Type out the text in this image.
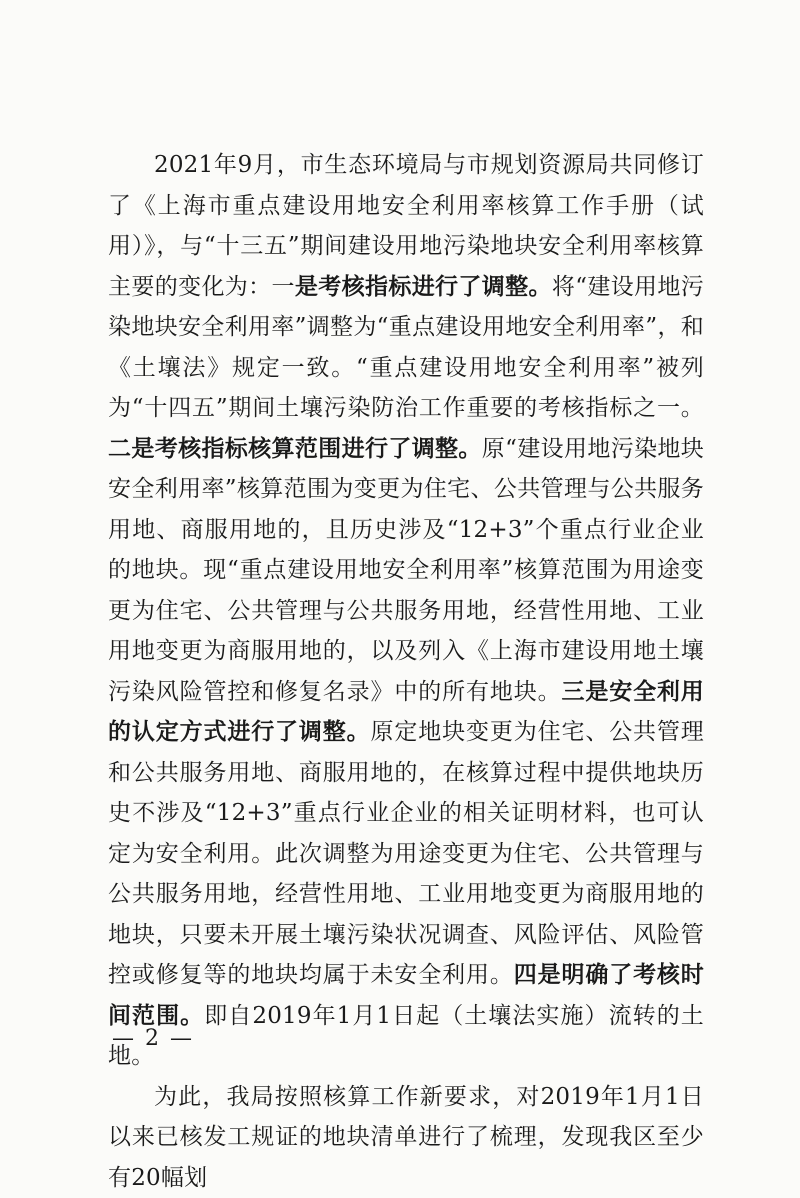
2021年9月，市生态环境局与市规划资源局共同修订了《上海市重点建设用地安全利用率核算工作手册（试用）》，与“十三五”期间建设用地污染地块安全利用率核算主要的变化为：一是考核指标进行了调整。将“建设用地污染地块安全利用率”调整为“重点建设用地安全利用率”，和《土壤法》规定一致。“重点建设用地安全利用率”被列为“十四五”期间土壤污染防治工作重要的考核指标之一。二是考核指标核算范围进行了调整。原“建设用地污染地块安全利用率”核算范围为变更为住宅、公共管理与公共服务用地、商服用地的，且历史涉及“12+3”个重点行业企业的地块。现“重点建设用地安全利用率”核算范围为用途变更为住宅、公共管理与公共服务用地，经营性用地、工业用地变更为商服用地的，以及列入《上海市建设用地土壤污染风险管控和修复名录》中的所有地块。三是安全利用的认定方式进行了调整。原定地块变更为住宅、公共管理和公共服务用地、商服用地的，在核算过程中提供地块历史不涉及“12+3”重点行业企业的相关证明材料，也可认定为安全利用。此次调整为用途变更为住宅、公共管理与公共服务用地，经营性用地、工业用地变更为商服用地的地块，只要未开展土壤污染状况调查、风险评估、风险管控或修复等的地块均属于未安全利用。四是明确了考核时间范围。即自2019年1月1日起（土壤法实施）流转的土地。

为此，我局按照核算工作新要求，对2019年1月1日以来已核发工规证的地块清单进行了梳理，发现我区至少有20幅划

— 2 —
